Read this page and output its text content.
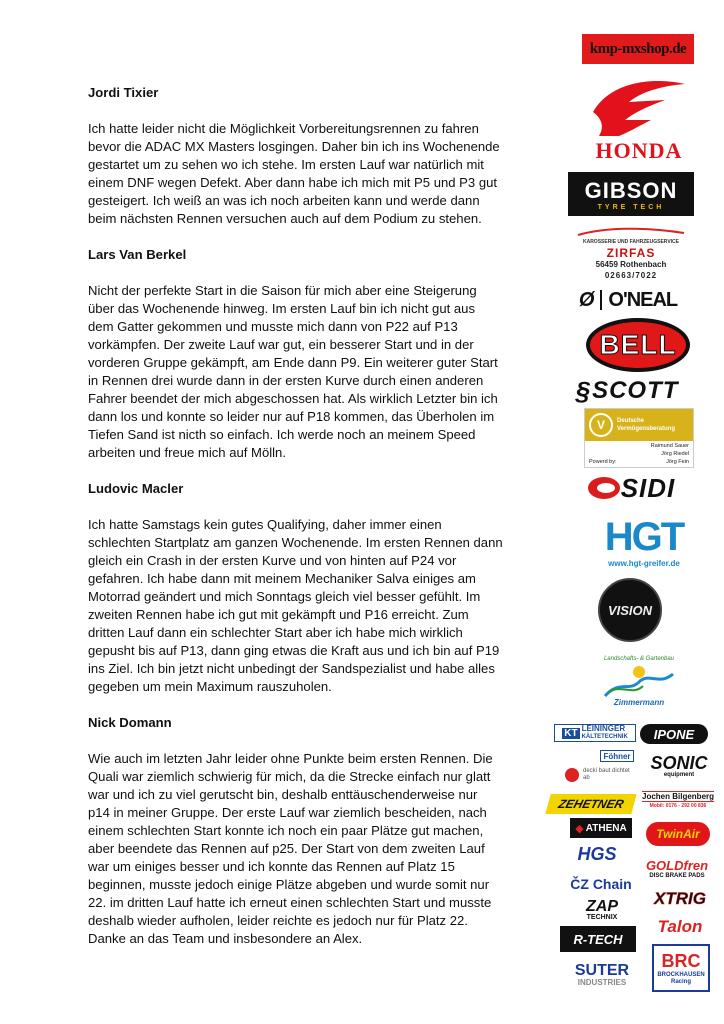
Jordi Tixier

Ich hatte leider nicht die Möglichkeit Vorbereitungsrennen zu fahren

bevor die ADAC MX Masters losgingen. Daher bin ich ins Wochenende

gestartet um zu sehen wo ich stehe. Im ersten Lauf war natürlich mit

einem DNF wegen Defekt. Aber dann habe ich mich mit P5 und P3 gut

gesteigert. Ich weiß an was ich noch arbeiten kann und werde dann

beim nächsten Rennen versuchen auch auf dem Podium zu stehen.

Lars Van Berkel

Nicht der perfekte Start in die Saison für mich aber eine Steigerung

über das Wochenende hinweg. Im ersten Lauf bin ich nicht gut aus

dem Gatter gekommen und musste mich dann von P22 auf P13

vorkämpfen. Der zweite Lauf war gut, ein besserer Start und in der

vorderen Gruppe gekämpft, am Ende dann P9. Ein weiterer guter Start

in Rennen drei wurde dann in der ersten Kurve durch einen anderen

Fahrer beendet der mich abgeschossen hat. Als wirklich Letzter bin ich

dann los und konnte so leider nur auf P18 kommen, das Überholen im

Tiefen Sand ist nicth so einfach. Ich werde noch an meinem Speed

arbeiten und freue mich auf Mölln.

Ludovic Macler

Ich hatte Samstags kein gutes Qualifying, daher immer einen

schlechten Startplatz am ganzen Wochenende. Im ersten Rennen dann

gleich ein Crash in der ersten Kurve und von hinten auf P24 vor

gefahren. Ich habe dann mit meinem Mechaniker Salva einiges am

Motorrad geändert und mich Sonntags gleich viel besser gefühlt. Im

zweiten Rennen habe ich gut mit gekämpft und P16 erreicht. Zum

dritten Lauf dann ein schlechter Start aber ich habe mich wirklich

gepusht bis auf P13, dann ging etwas die Kraft aus und ich bin auf P19

ins Ziel. Ich bin jetzt nicht unbedingt der Sandspezialist und habe alles

gegeben um mein Maximum rauszuholen.

Nick Domann

Wie auch im letzten Jahr leider ohne Punkte beim ersten Rennen. Die

Quali war ziemlich schwierig für mich, da die Strecke einfach nur glatt

war und ich zu viel gerutscht bin, deshalb enttäuschenderweise nur

p14 in meiner Gruppe. Der erste Lauf war ziemlich bescheiden, nach

einem schlechten Start konnte ich noch ein paar Plätze gut machen,

aber beendete das Rennen auf p25. Der Start von dem zweiten Lauf

war um einiges besser und ich konnte das Rennen auf Platz 15

beginnen, musste jedoch einige Plätze abgeben und wurde somit nur

22. im dritten Lauf hatte ich erneut einen schlechten Start und musste

deshalb wieder aufholen, leider reichte es jedoch nur für Platz 22.

Danke an das Team und insbesondere an Alex.

kmp-mxshop.de
HONDA
GIBSON
TYRE TECH
KAROSSERIE UND FAHRZEUGSERVICE
ZIRFAS
56459 Rothenbach
02663/7022
Ø O'NEAL
BELL
§ SCOTT
V	Deutsche
Vermögensberatung
Raimund Sauer
Jörg Riedel
Powerd by:	Jörg Fein
SIDI
HGT
www.hgt-greifer.de
VISION
Landschafts- & Gartenbau
Zimmermann
KT LEININGER
KÄLTETECHNIK IPONE
Föhner
decki baut dichtet ab
SONIC
equipment
ZEHETNER
Jochen Bilgenberg
Mobil: 0176 - 292 00 836
◆ ATHENA TwinAir
HGS
GOLDfren
DISC BRAKE PADS
ČZ Chain
XTRIG
ZAP
TECHNIX Talon
R-TECH
SUTER
INDUSTRIES
BRC
BROCKHAUSEN Racing
